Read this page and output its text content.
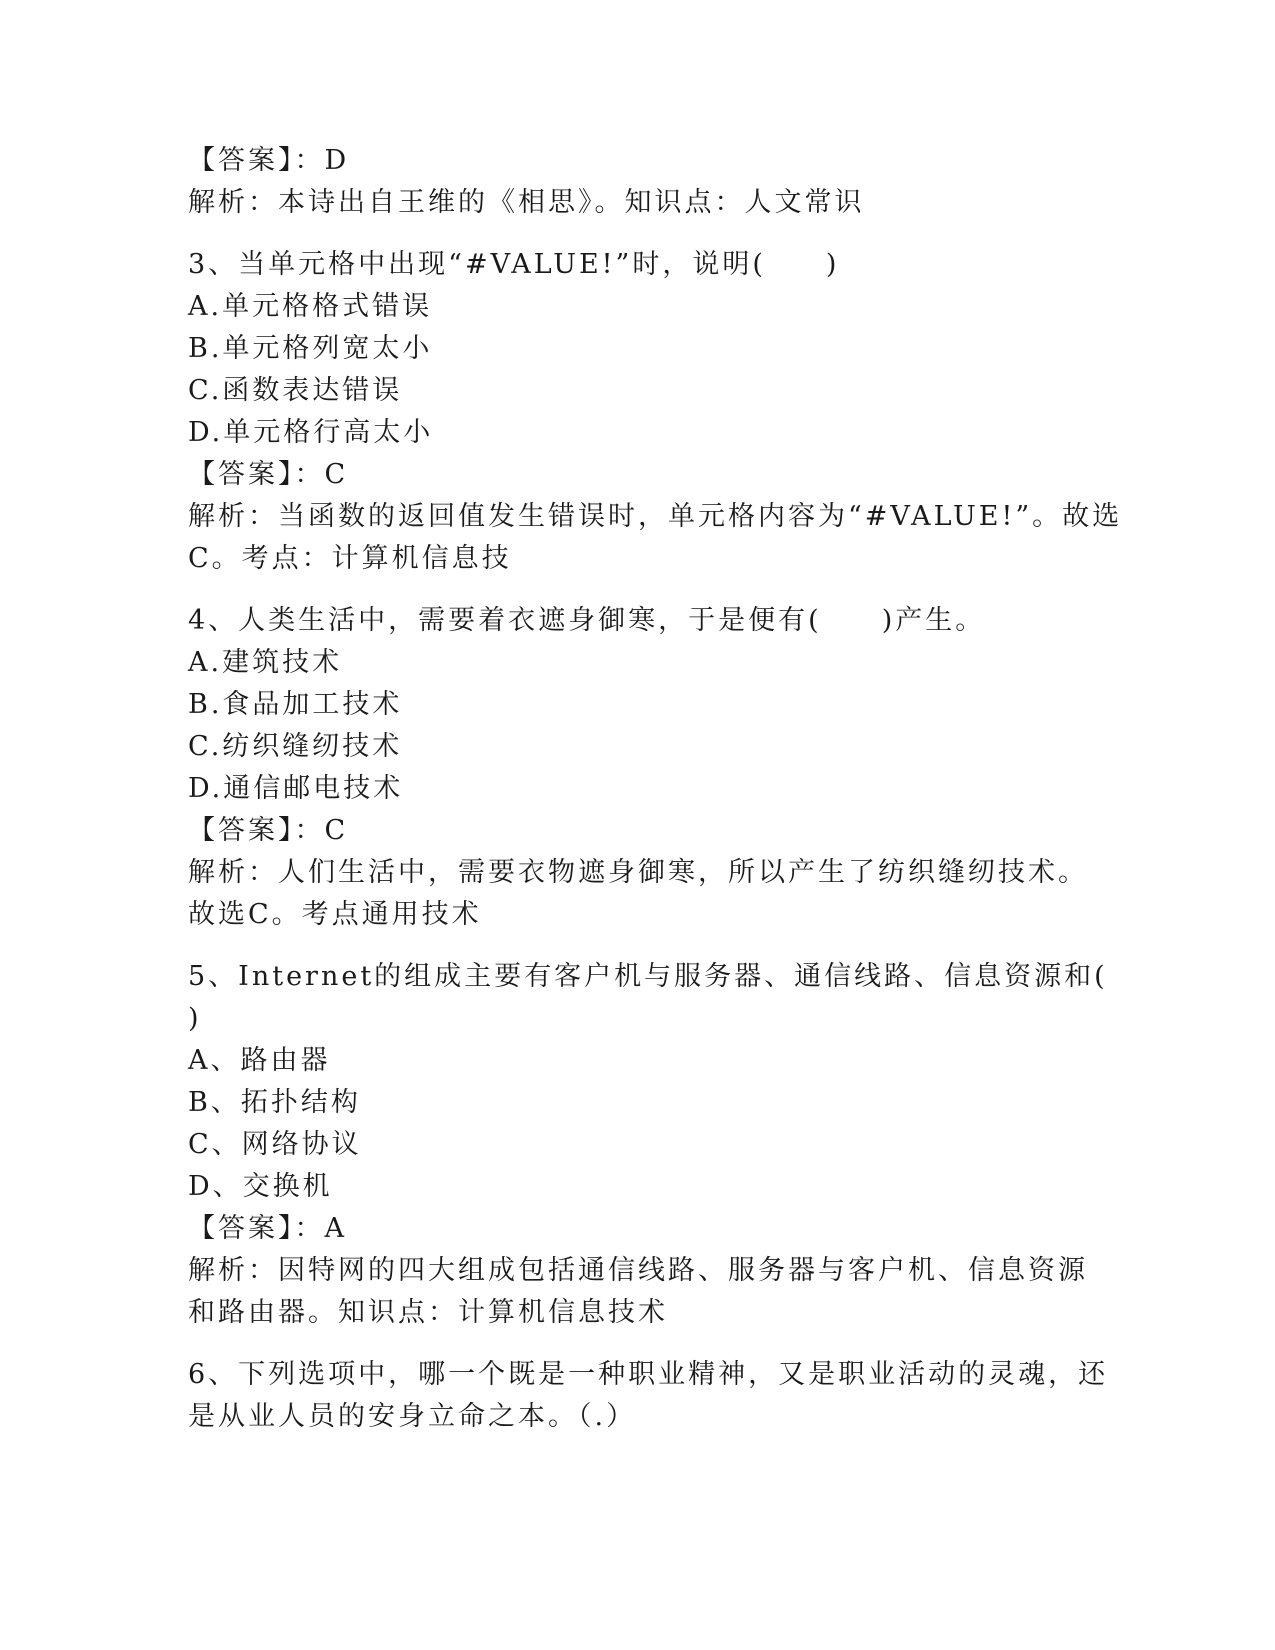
【答案】：D
解析：本诗出自王维的《相思》。知识点：人文常识
3、当单元格中出现“#VALUE!”时，说明(　　)
A.单元格格式错误
B.单元格列宽太小
C.函数表达错误
D.单元格行高太小
【答案】：C
解析：当函数的返回值发生错误时，单元格内容为“#VALUE!”。故选
C。考点：计算机信息技
4、人类生活中，需要着衣遮身御寒，于是便有(　　)产生。
A.建筑技术
B.食品加工技术
C.纺织缝纫技术
D.通信邮电技术
【答案】：C
解析：人们生活中，需要衣物遮身御寒，所以产生了纺织缝纫技术。
故选C。考点通用技术
5、Internet的组成主要有客户机与服务器、通信线路、信息资源和(
)
A、路由器
B、拓扑结构
C、网络协议
D、交换机
【答案】：A
解析：因特网的四大组成包括通信线路、服务器与客户机、信息资源
和路由器。知识点：计算机信息技术
6、下列选项中，哪一个既是一种职业精神，又是职业活动的灵魂，还
是从业人员的安身立命之本。（.）
